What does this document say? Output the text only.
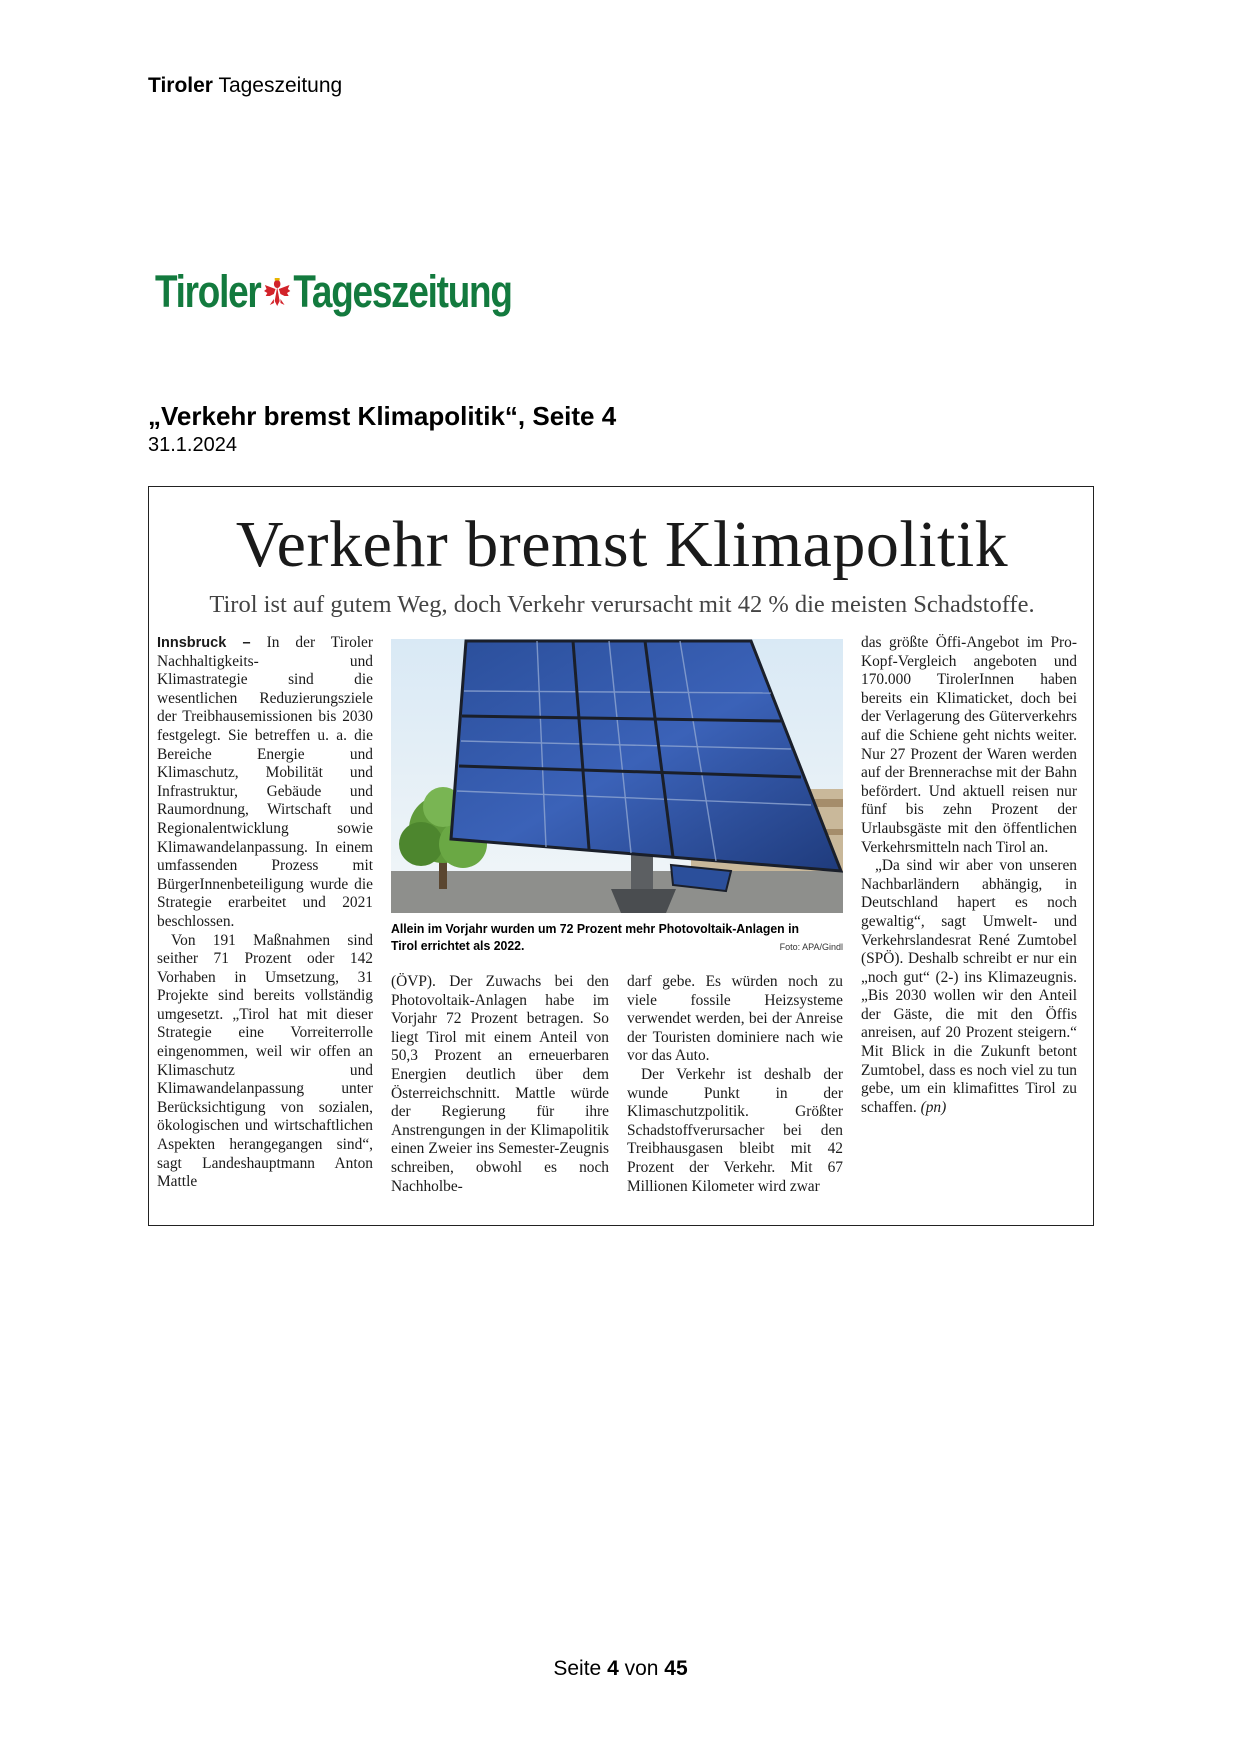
Tiroler Tageszeitung
Tiroler Tageszeitung
„Verkehr bremst Klimapolitik“, Seite 4
31.1.2024
Verkehr bremst Klimapolitik
Tirol ist auf gutem Weg, doch Verkehr verursacht mit 42 % die meisten Schadstoffe.

Innsbruck – In der Tiroler Nachhaltigkeits- und Klimastrategie sind die wesentlichen Reduzierungsziele der Treibhausemissionen bis 2030 festgelegt. Sie betreffen u. a. die Bereiche Energie und Klimaschutz, Mobilität und Infrastruktur, Gebäude und Raumordnung, Wirtschaft und Regionalentwicklung sowie Klimawandelanpassung. In einem umfassenden Prozess mit BürgerInnenbeteiligung wurde die Strategie erarbeitet und 2021 beschlossen.

Von 191 Maßnahmen sind seither 71 Prozent oder 142 Vorhaben in Umsetzung, 31 Projekte sind bereits vollständig umgesetzt. „Tirol hat mit dieser Strategie eine Vorreiterrolle eingenommen, weil wir offen an Klimaschutz und Klimawandelanpassung unter Berücksichtigung von sozialen, ökologischen und wirtschaftlichen Aspekten herangegangen sind“, sagt Landeshauptmann Anton Mattle

Allein im Vorjahr wurden um 72 Prozent mehr Photovoltaik-Anlagen in Tirol errichtet als 2022.	Foto: APA/Gindl

(ÖVP). Der Zuwachs bei den Photovoltaik-Anlagen habe im Vorjahr 72 Prozent betragen. So liegt Tirol mit einem Anteil von 50,3 Prozent an erneuerbaren Energien deutlich über dem Österreichschnitt. Mattle würde der Regierung für ihre Anstrengungen in der Klimapolitik einen Zweier ins Semester-Zeugnis schreiben, obwohl es noch Nachholbe-

darf gebe. Es würden noch zu viele fossile Heizsysteme verwendet werden, bei der Anreise der Touristen dominiere nach wie vor das Auto.

Der Verkehr ist deshalb der wunde Punkt in der Klimaschutzpolitik. Größter Schadstoffverursacher bei den Treibhausgasen bleibt mit 42 Prozent der Verkehr. Mit 67 Millionen Kilometer wird zwar

das größte Öffi-Angebot im Pro-Kopf-Vergleich angeboten und 170.000 TirolerInnen haben bereits ein Klimaticket, doch bei der Verlagerung des Güterverkehrs auf die Schiene geht nichts weiter. Nur 27 Prozent der Waren werden auf der Brennerachse mit der Bahn befördert. Und aktuell reisen nur fünf bis zehn Prozent der Urlaubsgäste mit den öffentlichen Verkehrsmitteln nach Tirol an.

„Da sind wir aber von unseren Nachbarländern abhängig, in Deutschland hapert es noch gewaltig“, sagt Umwelt- und Verkehrslandesrat René Zumtobel (SPÖ). Deshalb schreibt er nur ein „noch gut“ (2-) ins Klimazeugnis. „Bis 2030 wollen wir den Anteil der Gäste, die mit den Öffis anreisen, auf 20 Prozent steigern.“ Mit Blick in die Zukunft betont Zumtobel, dass es noch viel zu tun gebe, um ein klimafittes Tirol zu schaffen. (pn)

Seite 4 von 45
